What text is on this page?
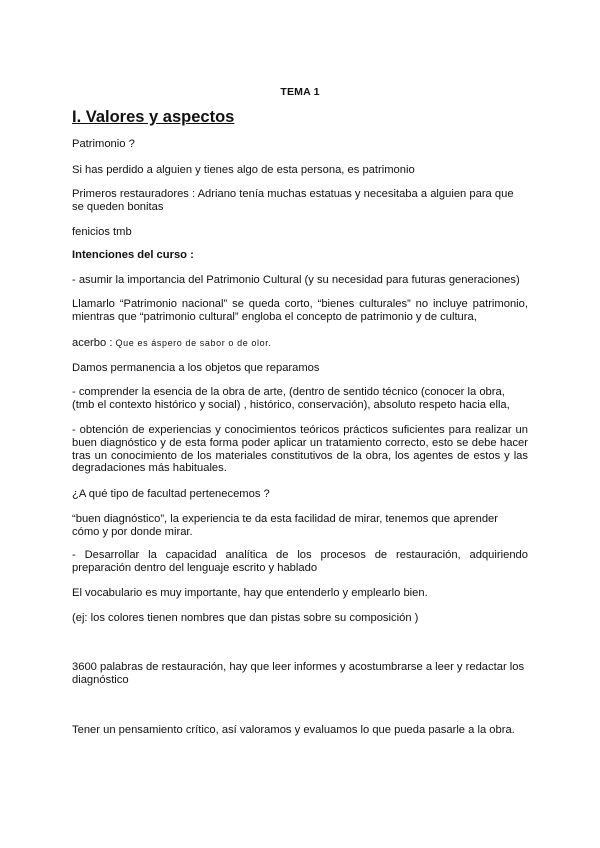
TEMA 1
I. Valores y aspectos

Patrimonio ?

Si has perdido a alguien y tienes algo de esta persona, es patrimonio

Primeros restauradores : Adriano tenía muchas estatuas y necesitaba a alguien para que se queden bonitas

fenicios tmb

Intenciones del curso :

- asumir la importancia del Patrimonio Cultural (y su necesidad para futuras generaciones)

Llamarlo “Patrimonio nacional” se queda corto, “bienes culturales” no incluye patrimonio, mientras que “patrimonio cultural” engloba el concepto de patrimonio y de cultura,

acerbo : Que es áspero de sabor o de olor.

Damos permanencia a los objetos que reparamos

- comprender la esencia de la obra de arte, (dentro de sentido técnico (conocer la obra, (tmb el contexto histórico y social) , histórico, conservación), absoluto respeto hacia ella,

- obtención de experiencias y conocimientos teóricos prácticos suficientes para realizar un buen diagnóstico y de esta forma poder aplicar un tratamiento correcto, esto se debe hacer tras un conocimiento de los materiales constitutivos de la obra, los agentes de estos y las degradaciones más habituales.

¿A qué tipo de facultad pertenecemos ?

“buen diagnóstico”, la experiencia te da esta facilidad de mirar, tenemos que aprender cómo y por donde mirar.

- Desarrollar la capacidad analítica de los procesos de restauración, adquiriendo preparación dentro del lenguaje escrito y hablado

El vocabulario es muy importante, hay que entenderlo y emplearlo bien.

(ej: los colores tienen nombres que dan pistas sobre su composición )

3600 palabras de restauración, hay que leer informes y acostumbrarse a leer y redactar los diagnóstico

Tener un pensamiento crítico, así valoramos y evaluamos lo que pueda pasarle a la obra.
